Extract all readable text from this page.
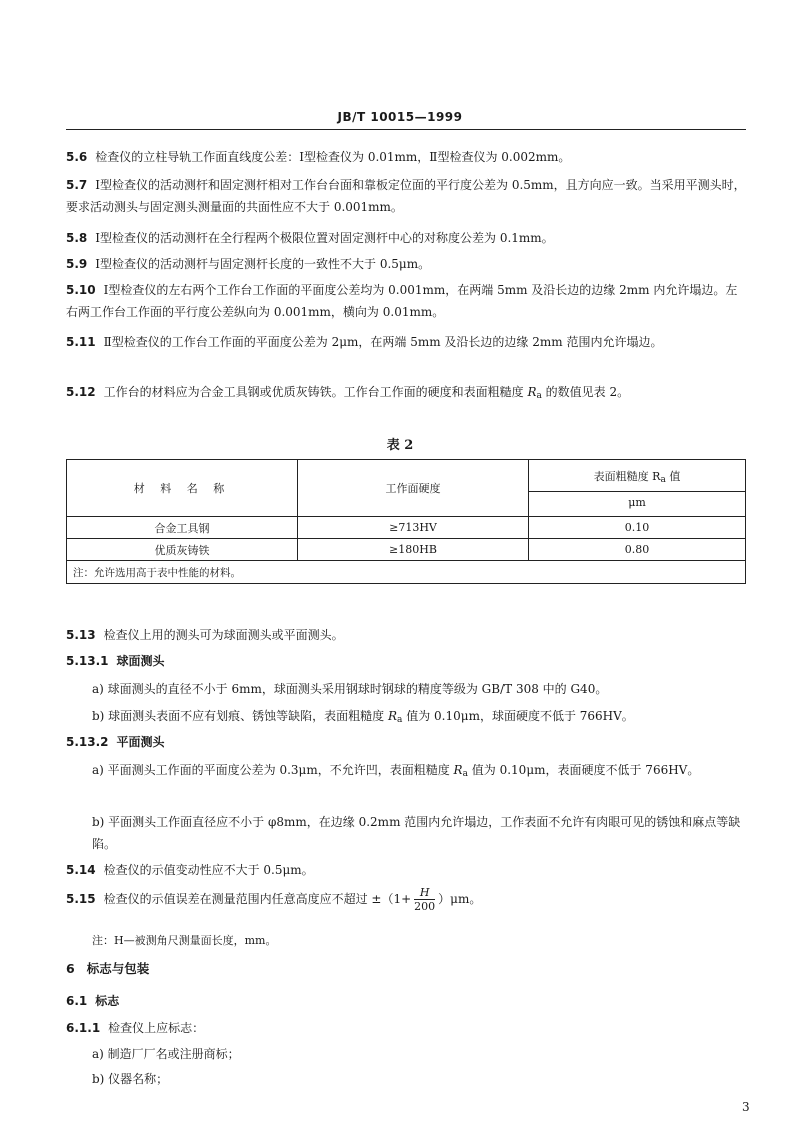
JB/T 10015—1999
5.6 检查仪的立柱导轨工作面直线度公差：Ⅰ型检查仪为 0.01mm，Ⅱ型检查仪为 0.002mm。
5.7 Ⅰ型检查仪的活动测杆和固定测杆相对工作台台面和靠板定位面的平行度公差为 0.5mm，且方向应一致。当采用平测头时，要求活动测头与固定测头测量面的共面性应不大于 0.001mm。
5.8 Ⅰ型检查仪的活动测杆在全行程两个极限位置对固定测杆中心的对称度公差为 0.1mm。
5.9 Ⅰ型检查仪的活动测杆与固定测杆长度的一致性不大于 0.5μm。
5.10 Ⅰ型检查仪的左右两个工作台工作面的平面度公差均为 0.001mm，在两端 5mm 及沿长边的边缘 2mm 内允许塌边。左右两工作台工作面的平行度公差纵向为 0.001mm，横向为 0.01mm。
5.11 Ⅱ型检查仪的工作台工作面的平面度公差为 2μm，在两端 5mm 及沿长边的边缘 2mm 范围内允许塌边。
5.12 工作台的材料应为合金工具钢或优质灰铸铁。工作台工作面的硬度和表面粗糙度 $R_a$ 的数值见表 2。
表 2
材 料 名 称	工作面硬度	表面粗糙度 $R_a$ 值
μm

合金工具钢	≥713HV	0.10
优质灰铸铁	≥180HB	0.80
注：允许选用高于表中性能的材料。		
5.13 检查仪上用的测头可为球面测头或平面测头。
5.13.1 球面测头
a) 球面测头的直径不小于 6mm，球面测头采用钢球时钢球的精度等级为 GB/T 308 中的 G40。
b) 球面测头表面不应有划痕、锈蚀等缺陷，表面粗糙度 $R_a$ 值为 0.10μm，球面硬度不低于 766HV。
5.13.2 平面测头
a) 平面测头工作面的平面度公差为 0.3μm，不允许凹，表面粗糙度 $R_a$ 值为 0.10μm，表面硬度不低于 766HV。
b) 平面测头工作面直径应不小于 φ8mm，在边缘 0.2mm 范围内允许塌边，工作表面不允许有肉眼可见的锈蚀和麻点等缺陷。
5.14 检查仪的示值变动性应不大于 0.5μm。
5.15 检查仪的示值误差在测量范围内任意高度应不超过 $\pm(1+ \frac{H}{200} )\mu m$。
注：H—被测角尺测量面长度，mm。
6 标志与包装
6.1 标志
6.1.1 检查仪上应标志：
a) 制造厂厂名或注册商标；
b) 仪器名称；
3
